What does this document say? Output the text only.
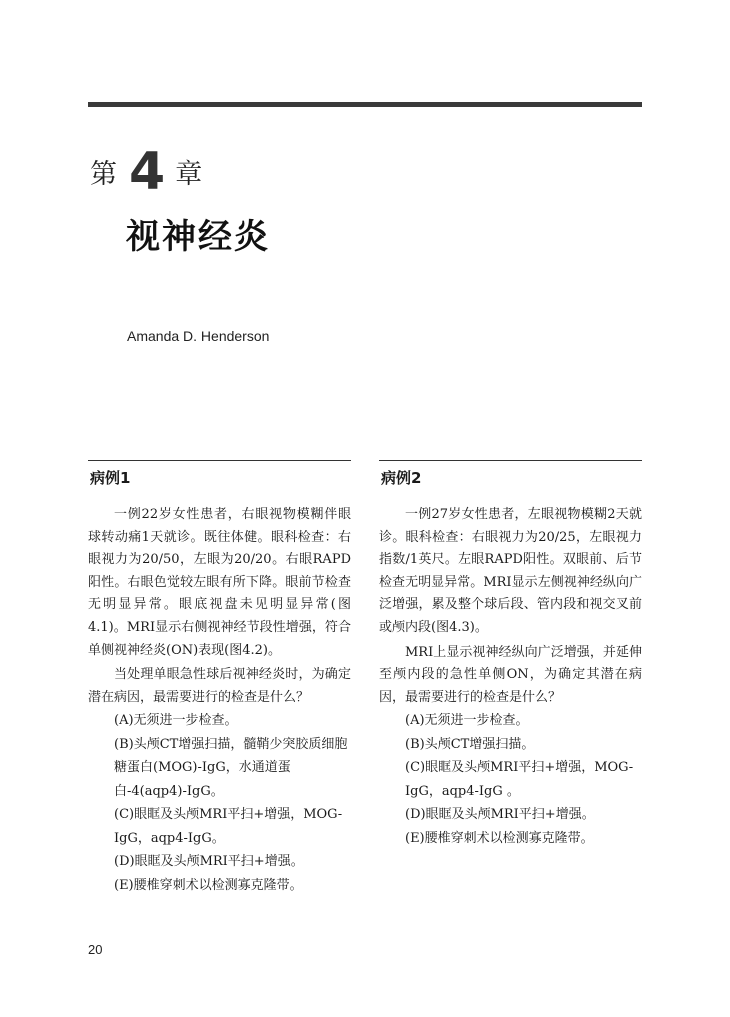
第 4 章
视神经炎
Amanda D. Henderson
病例1

一例22岁女性患者，右眼视物模糊伴眼球转动痛1天就诊。既往体健。眼科检查：右眼视力为20/50，左眼为20/20。右眼RAPD阳性。右眼色觉较左眼有所下降。眼前节检查无明显异常。眼底视盘未见明显异常(图4.1)。MRI显示右侧视神经节段性增强，符合单侧视神经炎(ON)表现(图4.2)。

当处理单眼急性球后视神经炎时，为确定潜在病因，最需要进行的检查是什么？

(A)无须进一步检查。

(B)头颅CT增强扫描，髓鞘少突胶质细胞糖蛋白(MOG)-IgG，水通道蛋白-4(aqp4)-IgG。

(C)眼眶及头颅MRI平扫+增强，MOG-IgG，aqp4-IgG。

(D)眼眶及头颅MRI平扫+增强。

(E)腰椎穿刺术以检测寡克隆带。

病例2

一例27岁女性患者，左眼视物模糊2天就诊。眼科检查：右眼视力为20/25，左眼视力指数/1英尺。左眼RAPD阳性。双眼前、后节检查无明显异常。MRI显示左侧视神经纵向广泛增强，累及整个球后段、管内段和视交叉前或颅内段(图4.3)。

MRI上显示视神经纵向广泛增强，并延伸至颅内段的急性单侧ON，为确定其潜在病因，最需要进行的检查是什么？

(A)无须进一步检查。

(B)头颅CT增强扫描。

(C)眼眶及头颅MRI平扫+增强，MOG-IgG，aqp4-IgG 。

(D)眼眶及头颅MRI平扫+增强。

(E)腰椎穿刺术以检测寡克隆带。

20
